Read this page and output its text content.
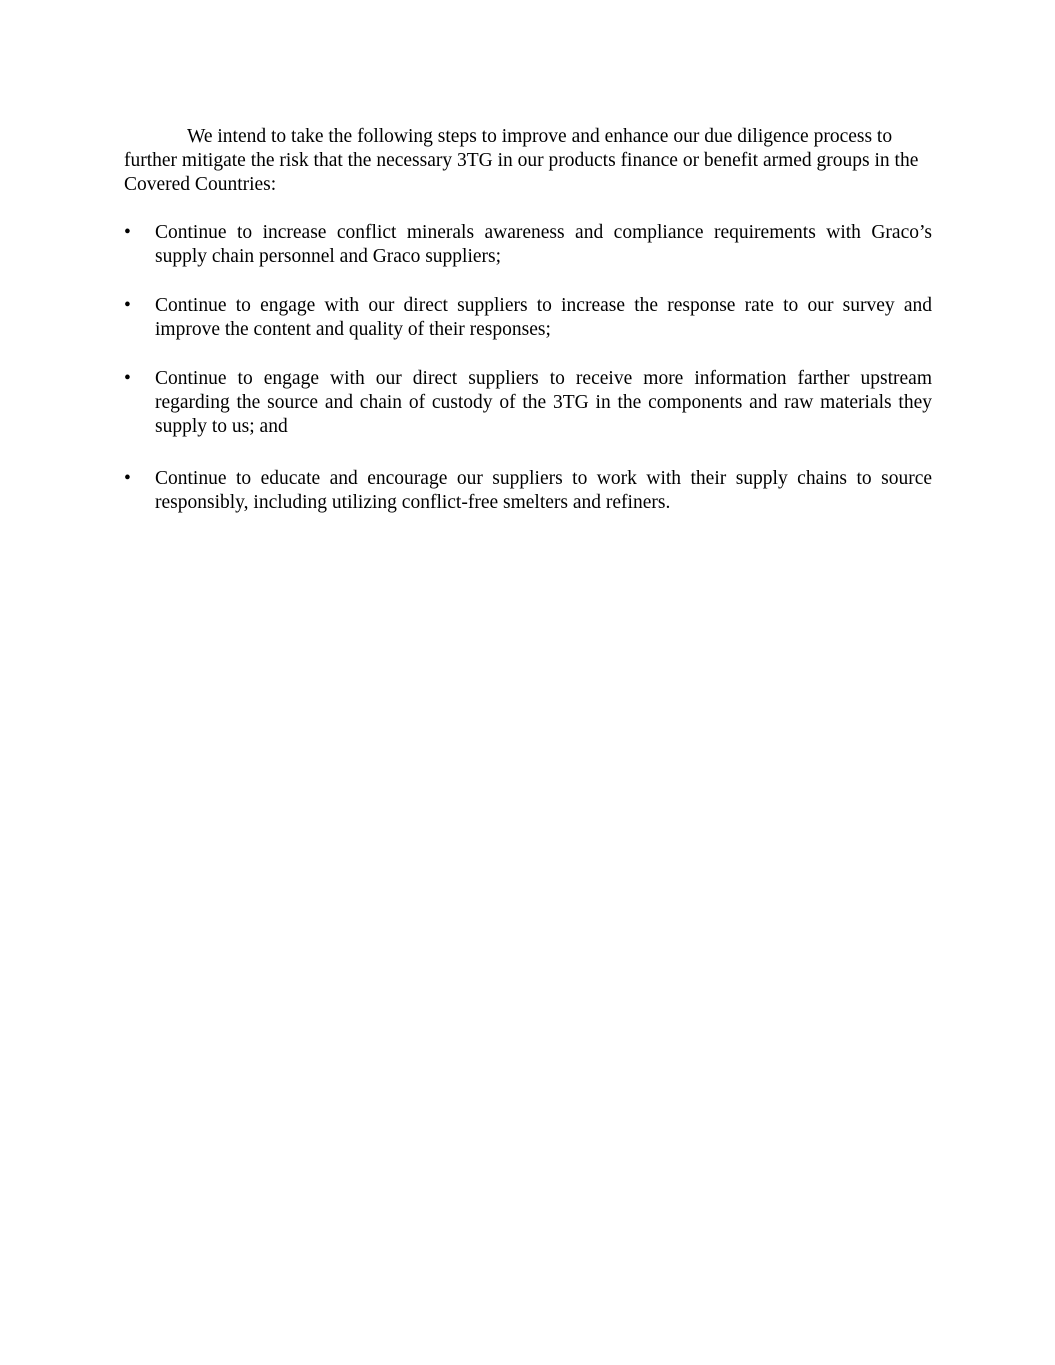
We intend to take the following steps to improve and enhance our due diligence process to further mitigate the risk that the necessary 3TG in our products finance or benefit armed groups in the Covered Countries:

• Continue to increase conflict minerals awareness and compliance requirements with Graco’s supply chain personnel and Graco suppliers;
• Continue to engage with our direct suppliers to increase the response rate to our survey and improve the content and quality of their responses;
• Continue to engage with our direct suppliers to receive more information farther upstream regarding the source and chain of custody of the 3TG in the components and raw materials they supply to us; and
• Continue to educate and encourage our suppliers to work with their supply chains to source responsibly, including utilizing conflict-free smelters and refiners.
